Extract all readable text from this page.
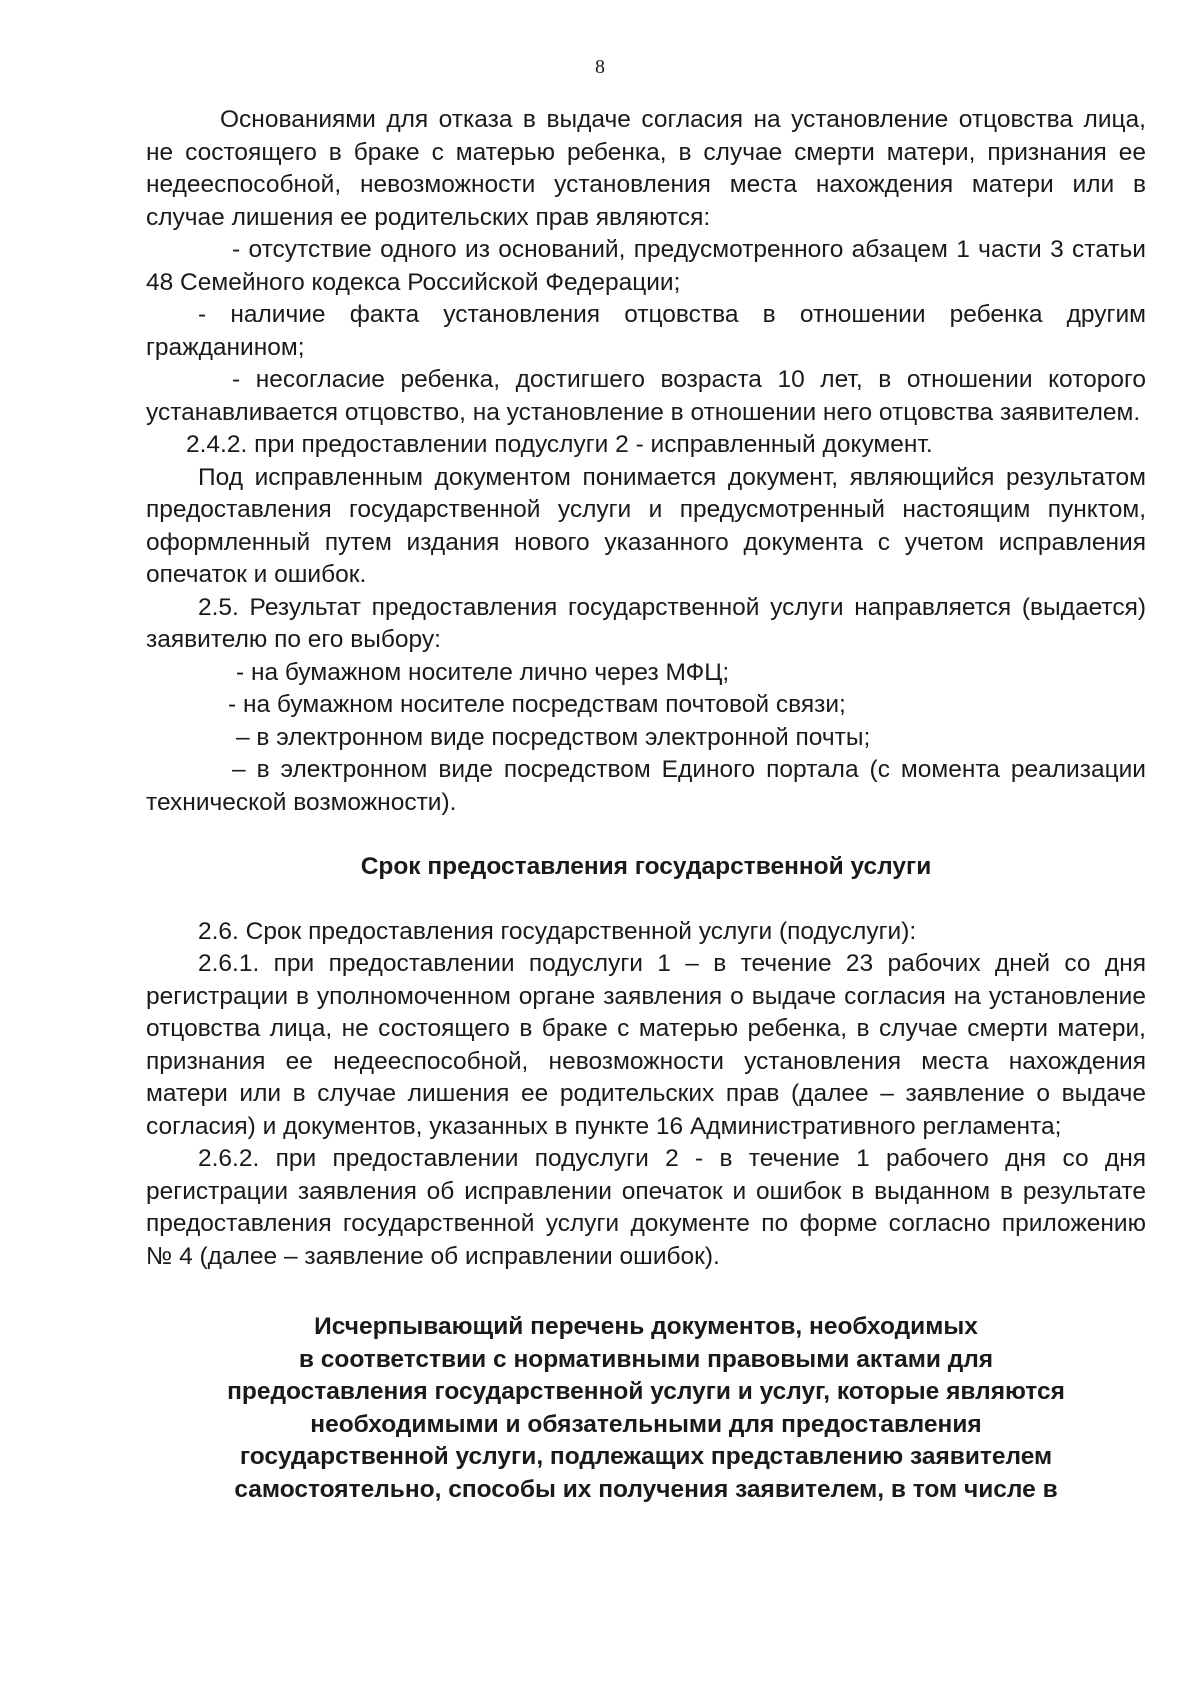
8

Основаниями для отказа в выдаче согласия на установление отцовства лица, не состоящего в браке с матерью ребенка, в случае смерти матери, признания ее недееспособной, невозможности установления места нахождения матери или в случае лишения ее родительских прав являются:

- отсутствие одного из оснований, предусмотренного абзацем 1 части 3 статьи 48 Семейного кодекса Российской Федерации;

- наличие факта установления отцовства в отношении ребенка другим гражданином;

- несогласие ребенка, достигшего возраста 10 лет, в отношении которого устанавливается отцовство, на установление в отношении него отцовства заявителем.

2.4.2. при предоставлении подуслуги 2 - исправленный документ.

Под исправленным документом понимается документ, являющийся результатом предоставления государственной услуги и предусмотренный настоящим пунктом, оформленный путем издания нового указанного документа с учетом исправления опечаток и ошибок.

2.5. Результат предоставления государственной услуги направляется (выдается) заявителю по его выбору:

- на бумажном носителе лично через МФЦ;

- на бумажном носителе посредствам почтовой связи;

– в электронном виде посредством электронной почты;

– в электронном виде посредством Единого портала (с момента реализации технической возможности).

Срок предоставления государственной услуги

2.6. Срок предоставления государственной услуги (подуслуги):

2.6.1. при предоставлении подуслуги 1 – в течение 23 рабочих дней со дня регистрации в уполномоченном органе заявления о выдаче согласия на установление отцовства лица, не состоящего в браке с матерью ребенка, в случае смерти матери, признания ее недееспособной, невозможности установления места нахождения матери или в случае лишения ее родительских прав (далее – заявление о выдаче согласия) и документов, указанных в пункте 16 Административного регламента;

2.6.2. при предоставлении подуслуги 2 - в течение 1 рабочего дня со дня регистрации заявления об исправлении опечаток и ошибок в выданном в результате предоставления государственной услуги документе по форме согласно приложению № 4 (далее – заявление об исправлении ошибок).

Исчерпывающий перечень документов, необходимых
в соответствии с нормативными правовыми актами для
предоставления государственной услуги и услуг, которые являются
необходимыми и обязательными для предоставления
государственной услуги, подлежащих представлению заявителем
самостоятельно, способы их получения заявителем, в том числе в
